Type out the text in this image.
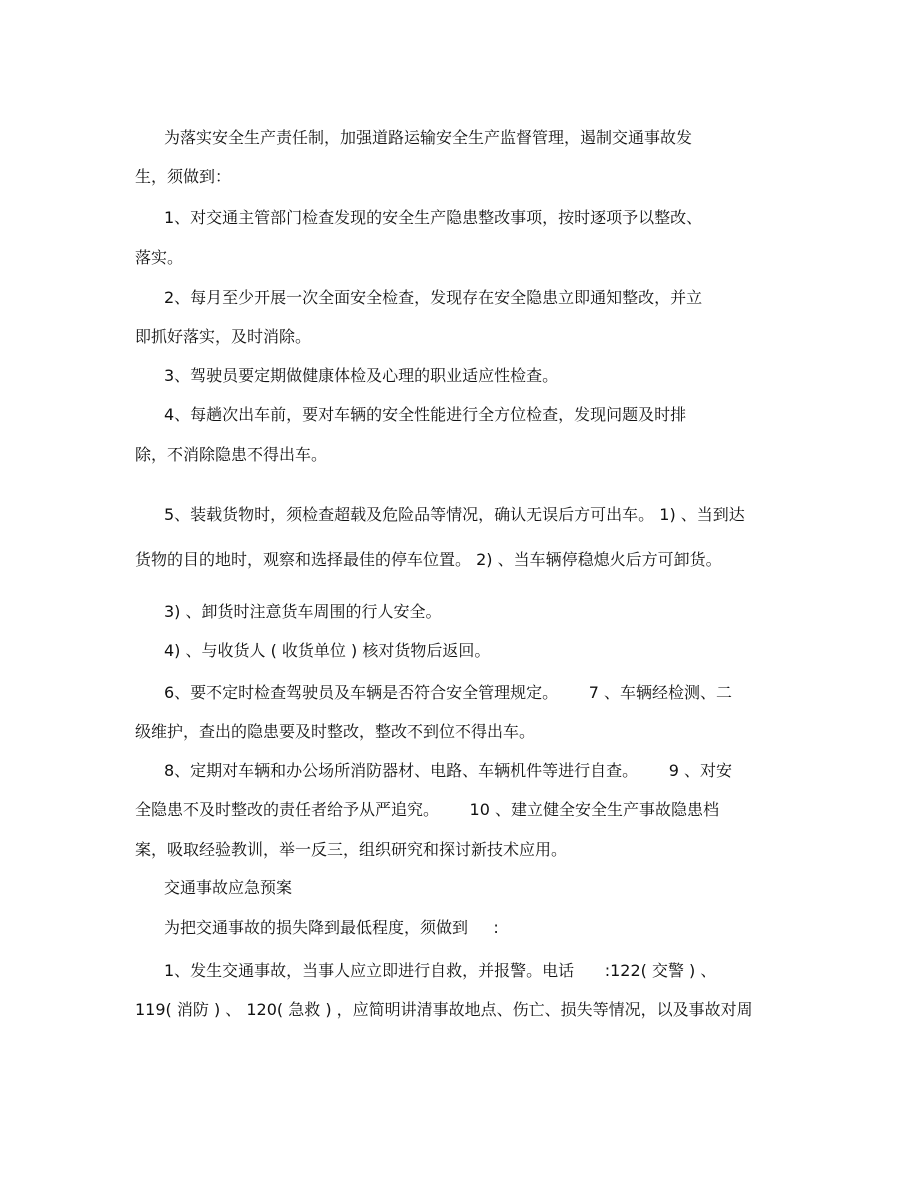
为落实安全生产责任制，加强道路运输安全生产监督管理，遏制交通事故发
生，须做到：
1、对交通主管部门检查发现的安全生产隐患整改事项，按时逐项予以整改、
落实。
2、每月至少开展一次全面安全检查，发现存在安全隐患立即通知整改，并立
即抓好落实，及时消除。
3、驾驶员要定期做健康体检及心理的职业适应性检查。
4、每趟次出车前，要对车辆的安全性能进行全方位检查，发现问题及时排
除，不消除隐患不得出车。
5、装载货物时，须检查超载及危险品等情况，确认无误后方可出车。 1) 、当到达
货物的目的地时，观察和选择最佳的停车位置。 2) 、当车辆停稳熄火后方可卸货。
3) 、卸货时注意货车周围的行人安全。
4) 、与收货人 ( 收货单位 ) 核对货物后返回。
6、要不定时检查驾驶员及车辆是否符合安全管理规定。      7 、车辆经检测、二
级维护，查出的隐患要及时整改，整改不到位不得出车。
8、定期对车辆和办公场所消防器材、电路、车辆机件等进行自查。      9 、对安
全隐患不及时整改的责任者给予从严追究。      10 、建立健全安全生产事故隐患档
案，吸取经验教训，举一反三，组织研究和探讨新技术应用。
交通事故应急预案
为把交通事故的损失降到最低程度，须做到     :
1、发生交通事故，当事人应立即进行自救，并报警。电话      :122( 交警 ) 、
119( 消防 ) 、 120( 急救 ) ，应简明讲清事故地点、伤亡、损失等情况，以及事故对周
